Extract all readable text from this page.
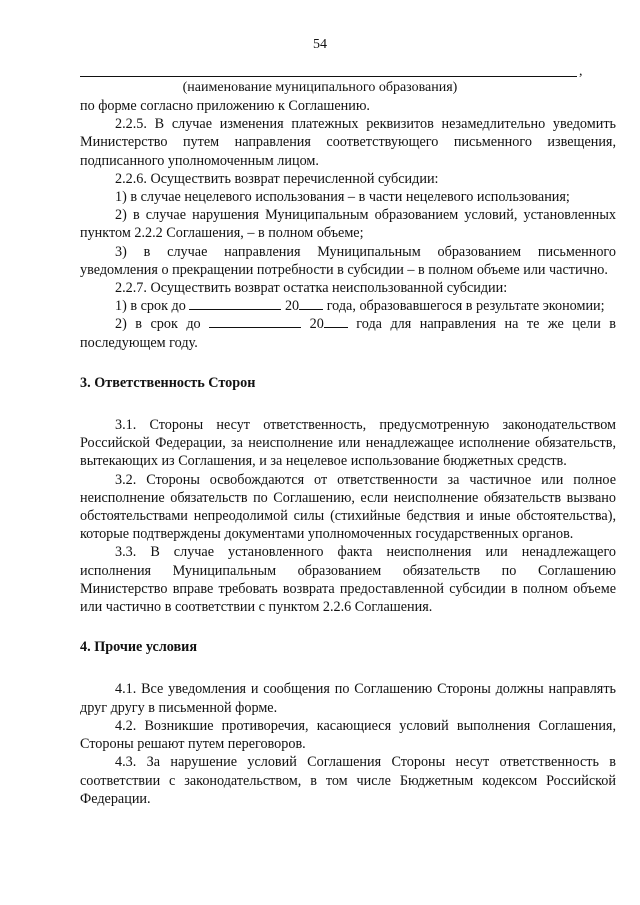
54
,
(наименование муниципального образования)

по форме согласно приложению к Соглашению.

2.2.5. В случае изменения платежных реквизитов незамедлительно уведомить Министерство путем направления соответствующего письменного извещения, подписанного уполномоченным лицом.

2.2.6. Осуществить возврат перечисленной субсидии:

1) в случае нецелевого использования – в части нецелевого использования;

2) в случае нарушения Муниципальным образованием условий, установленных пунктом 2.2.2 Соглашения, – в полном объеме;

3) в случае направления Муниципальным образованием письменного уведомления о прекращении потребности в субсидии – в полном объеме или частично.

2.2.7. Осуществить возврат остатка неиспользованной субсидии:

1) в срок до	20 года, образовавшегося в результате экономии;

2) в срок до	20 года для направления на те же цели в последующем году.

3. Ответственность Сторон

3.1. Стороны несут ответственность, предусмотренную законодательством Российской Федерации, за неисполнение или ненадлежащее исполнение обязательств, вытекающих из Соглашения, и за нецелевое использование бюджетных средств.

3.2. Стороны освобождаются от ответственности за частичное или полное неисполнение обязательств по Соглашению, если неисполнение обязательств вызвано обстоятельствами непреодолимой силы (стихийные бедствия и иные обстоятельства), которые подтверждены документами уполномоченных государственных органов.

3.3. В случае установленного факта неисполнения или ненадлежащего исполнения Муниципальным образованием обязательств по Соглашению Министерство вправе требовать возврата предоставленной субсидии в полном объеме или частично в соответствии с пунктом 2.2.6 Соглашения.

4. Прочие условия

4.1. Все уведомления и сообщения по Соглашению Стороны должны направлять друг другу в письменной форме.

4.2. Возникшие противоречия, касающиеся условий выполнения Соглашения, Стороны решают путем переговоров.

4.3. За нарушение условий Соглашения Стороны несут ответственность в соответствии с законодательством, в том числе Бюджетным кодексом Российской Федерации.
